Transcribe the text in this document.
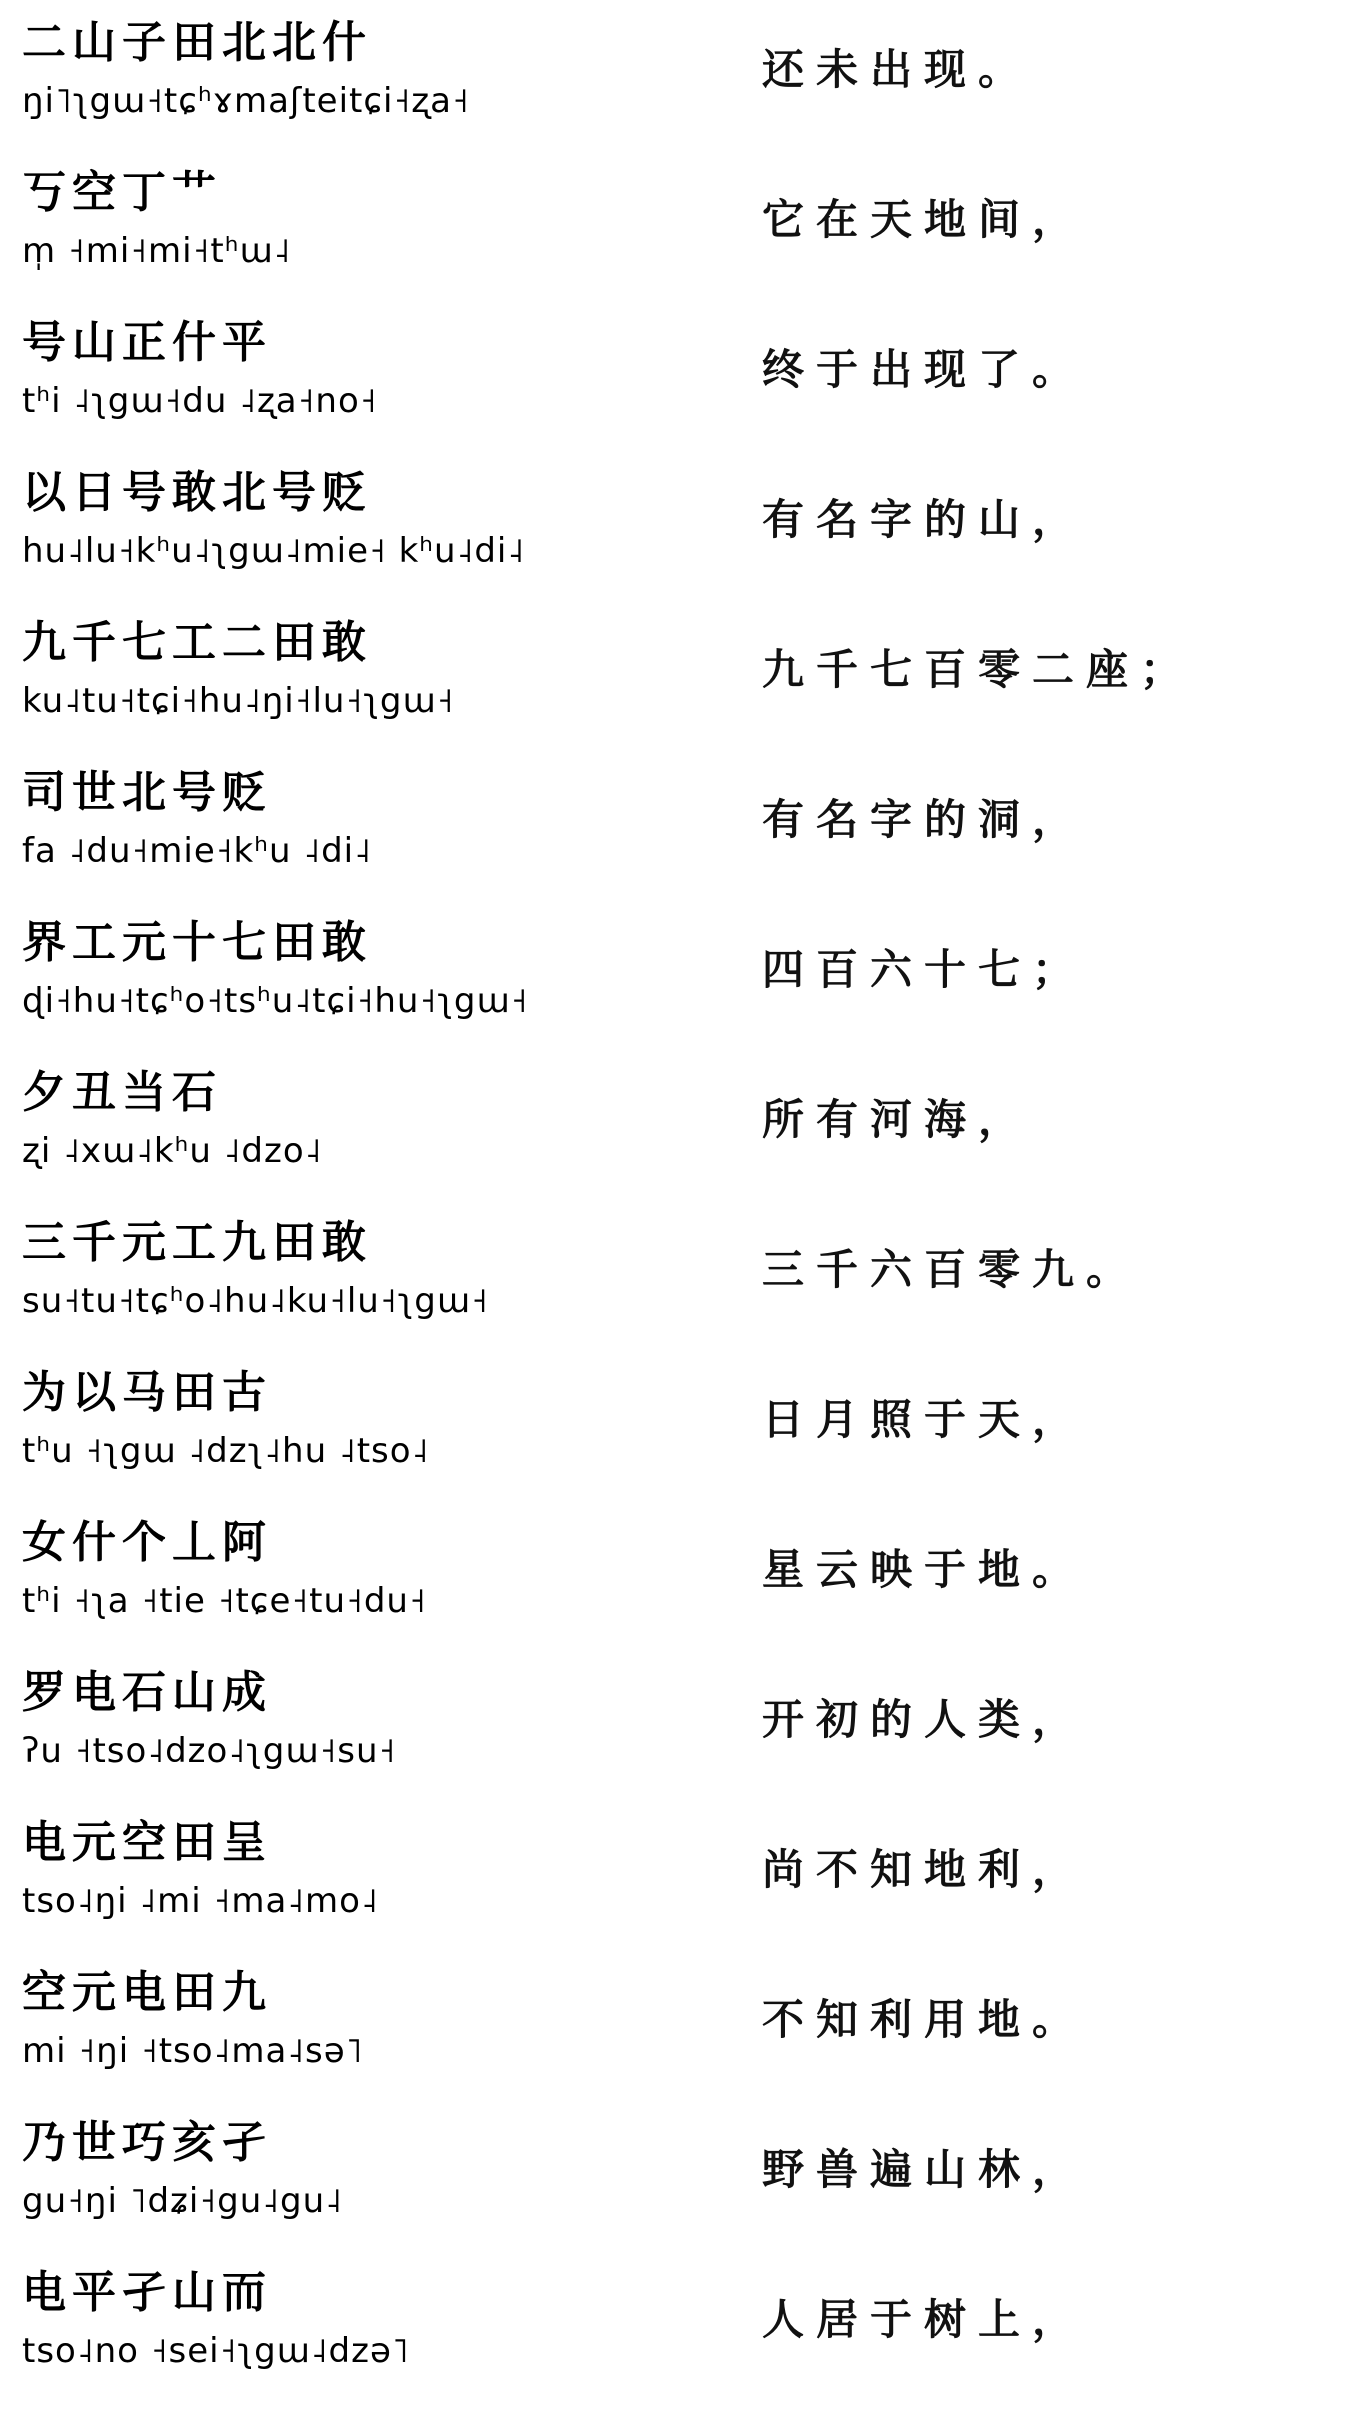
二山子田北北什
ŋi˥ʅgɯ˧tɕʰɤmaʃteitɕi˧ʐa˧
还未出现。
丂空丁艹
m̩ ˧mi˧mi˧tʰɯ˨
它在天地间，
号山正什平
tʰi ˨ʅgɯ˧du ˨ʐa˧no˧
终于出现了。
以日号敢北号贬
hu˨lu˧kʰu˨ʅgɯ˨mie˧ kʰu˨di˨
有名字的山，
九千七工二田敢
ku˨tu˧tɕi˧hu˨ŋi˧lu˧ʅgɯ˧
九千七百零二座；
司世北号贬
fa ˨du˧mie˧kʰu ˨di˨
有名字的洞，
界工元十七田敢
ɖi˧hu˧tɕʰo˧tsʰu˨tɕi˧hu˧ʅgɯ˧
四百六十七；
夕丑当石
ʐi ˨xɯ˨kʰu ˨dzo˨
所有河海，
三千元工九田敢
su˧tu˧tɕʰo˨hu˨ku˧lu˧ʅgɯ˧
三千六百零九。
为以马田古
tʰu ˧ʅgɯ ˨dzʅ˨hu ˨tso˨
日月照于天，
女什个丄阿
tʰi ˧ʅa ˧tie ˧tɕe˧tu˧du˧
星云映于地。
罗电石山成
ʔu ˧tso˨dzo˨ʅgɯ˧su˧
开初的人类，
电元空田呈
tso˨ŋi ˨mi ˧ma˨mo˨
尚不知地利，
空元电田九
mi ˧ŋi ˧tso˨ma˨sə˥
不知利用地。
乃世巧亥孑
gu˧ŋi ˥dʑi˧gu˨gu˨
野兽遍山林，
电平孑山而
tso˨no ˧sei˧ʅgɯ˨dzə˥
人居于树上，
